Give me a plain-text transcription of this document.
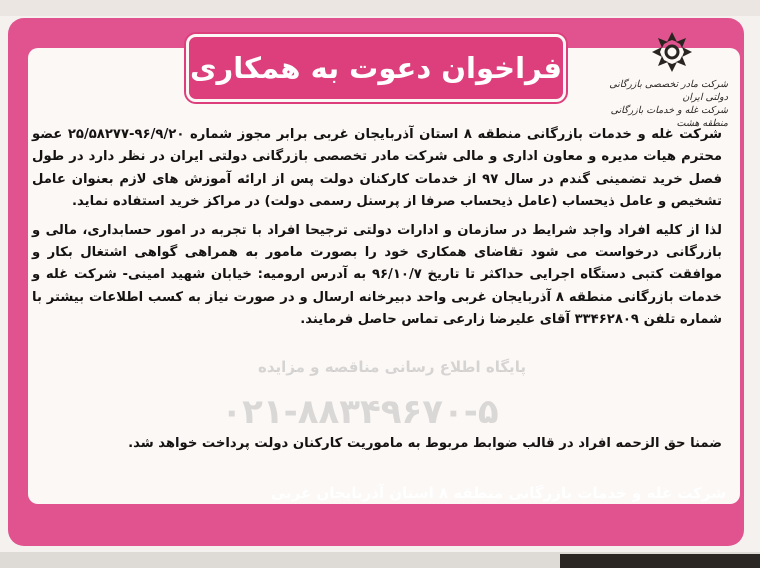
فراخوان دعوت به همکاری	شرکت مادر تخصصی بازرگانی دولتی ایران
شرکت غله و خدمات بازرگانی منطقه هشت
پایگاه اطلاع رسانی مناقصه و مزایده
۰۲۱-۸۸۳۴۹۶۷۰-۵

شرکت غله و خدمات بازرگانی منطقه ۸ استان آذربایجان غربی برابر مجوز شماره ۹۶/۹/۲۰-۲۵/۵۸۲۷۷ عضو محترم هیات مدیره و معاون اداری و مالی شرکت مادر تخصصی بازرگانی دولتی ایران در نظر دارد در طول فصل خرید تضمینی گندم در سال ۹۷ از خدمات کارکنان دولت پس از ارائه آموزش های لازم بعنوان عامل تشخیص و عامل ذیحساب (عامل ذیحساب صرفا از پرسنل رسمی دولت) در مراکز خرید استفاده نماید.

لذا از کلیه افراد واجد شرایط در سازمان و ادارات دولتی ترجیحا افراد با تجربه در امور حسابداری، مالی و بازرگانی درخواست می شود تقاضای همکاری خود را بصورت مامور به همراهی گواهی اشتغال بکار و موافقت کتبی دستگاه اجرایی حداکثر تا تاریخ ۹۶/۱۰/۷ به آدرس ارومیه: خیابان شهید امینی- شرکت غله و خدمات بازرگانی منطقه ۸ آذربایجان غربی واحد دبیرخانه ارسال و در صورت نیاز به کسب اطلاعات بیشتر با شماره تلفن ۳۳۴۶۲۸۰۹ آقای علیرضا زارعی تماس حاصل فرمایند.

ضمنا حق الزحمه افراد در قالب ضوابط مربوط به ماموریت کارکنان دولت پرداخت خواهد شد.
شرکت غله و خدمات بازرگانی منطقه ۸ استان آذربایجان غربی
